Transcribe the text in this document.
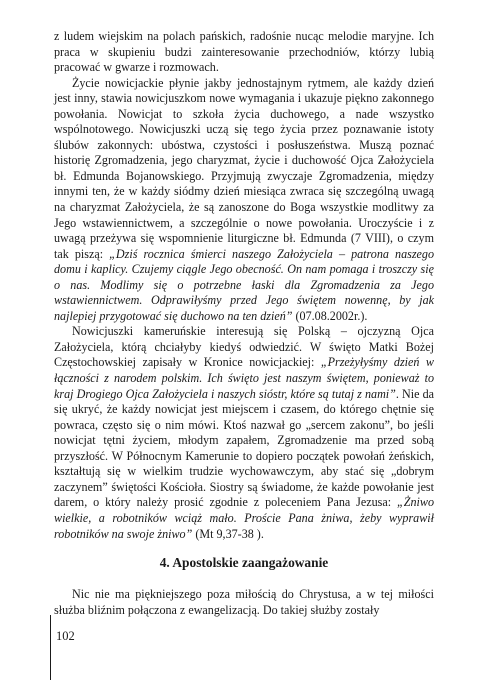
z ludem wiejskim na polach pańskich, radośnie nucąc melodie maryjne. Ich praca w skupieniu budzi zainteresowanie przechodniów, którzy lubią pracować w gwarze i rozmowach.

Życie nowicjackie płynie jakby jednostajnym rytmem, ale każdy dzień jest inny, stawia nowicjuszkom nowe wymagania i ukazuje piękno zakonnego powołania. Nowicjat to szkoła życia duchowego, a nade wszystko wspólnotowego. Nowicjuszki uczą się tego życia przez poznawanie istoty ślubów zakonnych: ubóstwa, czystości i posłuszeństwa. Muszą poznać historię Zgromadzenia, jego charyzmat, życie i duchowość Ojca Założyciela bł. Edmunda Bojanowskiego. Przyjmują zwyczaje Zgromadzenia, między innymi ten, że w każdy siódmy dzień miesiąca zwraca się szczególną uwagą na charyzmat Założyciela, że są zanoszone do Boga wszystkie modlitwy za Jego wstawiennictwem, a szczególnie o nowe powołania. Uroczyście i z uwagą przeżywa się wspomnienie liturgiczne bł. Edmunda (7 VIII), o czym tak piszą: „Dziś rocznica śmierci naszego Założyciela – patrona naszego domu i kaplicy. Czujemy ciągle Jego obecność. On nam pomaga i troszczy się o nas. Modlimy się o potrzebne łaski dla Zgromadzenia za Jego wstawiennictwem. Odprawiłyśmy przed Jego świętem nowennę, by jak najlepiej przygotować się duchowo na ten dzień” (07.08.2002r.).

Nowicjuszki kameruńskie interesują się Polską – ojczyzną Ojca Założyciela, którą chciałyby kiedyś odwiedzić. W święto Matki Bożej Częstochowskiej zapisały w Kronice nowicjackiej: „Przeżyłyśmy dzień w łączności z narodem polskim. Ich święto jest naszym świętem, ponieważ to kraj Drogiego Ojca Założyciela i naszych sióstr, które są tutaj z nami”. Nie da się ukryć, że każdy nowicjat jest miejscem i czasem, do którego chętnie się powraca, często się o nim mówi. Ktoś nazwał go „sercem zakonu”, bo jeśli nowicjat tętni życiem, młodym zapałem, Zgromadzenie ma przed sobą przyszłość. W Północnym Kamerunie to dopiero początek powołań żeńskich, kształtują się w wielkim trudzie wychowawczym, aby stać się „dobrym zaczynem” świętości Kościoła. Siostry są świadome, że każde powołanie jest darem, o który należy prosić zgodnie z poleceniem Pana Jezusa: „Żniwo wielkie, a robotników wciąż mało. Proście Pana żniwa, żeby wyprawił robotników na swoje żniwo” (Mt 9,37-38 ).

4. Apostolskie zaangażowanie

Nic nie ma piękniejszego poza miłością do Chrystusa, a w tej miłości służba bliźnim połączona z ewangelizacją. Do takiej służby zostały

102
